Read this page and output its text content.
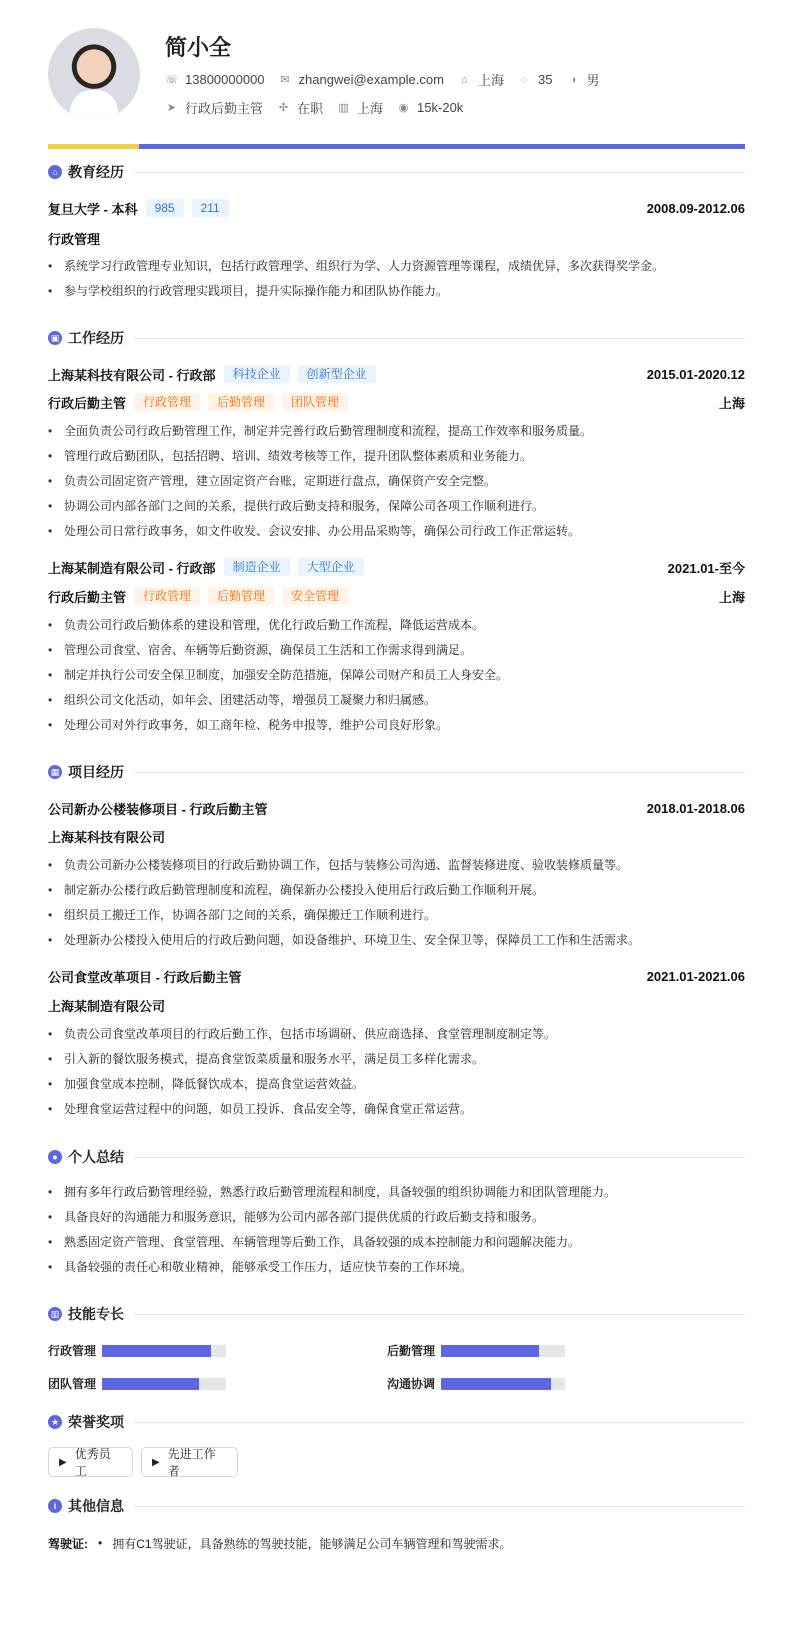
简小全
☏ 13800000000 ✉ zhangwei@example.com ⌂ 上海 ◌ 35 ◑ 男
➤ 行政后勤主管 ✣ 在职 ▥ 上海 ◉ 15k-20k
⌂ 教育经历
复旦大学 - 本科	985	211	2008.09-2012.06
行政管理
• 系统学习行政管理专业知识，包括行政管理学、组织行为学、人力资源管理等课程，成绩优异，多次获得奖学金。
• 参与学校组织的行政管理实践项目，提升实际操作能力和团队协作能力。
▣ 工作经历
上海某科技有限公司 - 行政部	科技企业	创新型企业	2015.01-2020.12
行政后勤主管	行政管理	后勤管理	团队管理	上海
• 全面负责公司行政后勤管理工作，制定并完善行政后勤管理制度和流程，提高工作效率和服务质量。
• 管理行政后勤团队，包括招聘、培训、绩效考核等工作，提升团队整体素质和业务能力。
• 负责公司固定资产管理，建立固定资产台账，定期进行盘点，确保资产安全完整。
• 协调公司内部各部门之间的关系，提供行政后勤支持和服务，保障公司各项工作顺利进行。
• 处理公司日常行政事务，如文件收发、会议安排、办公用品采购等，确保公司行政工作正常运转。
上海某制造有限公司 - 行政部	制造企业	大型企业	2021.01-至今
行政后勤主管	行政管理	后勤管理	安全管理	上海
• 负责公司行政后勤体系的建设和管理，优化行政后勤工作流程，降低运营成本。
• 管理公司食堂、宿舍、车辆等后勤资源，确保员工生活和工作需求得到满足。
• 制定并执行公司安全保卫制度，加强安全防范措施，保障公司财产和员工人身安全。
• 组织公司文化活动，如年会、团建活动等，增强员工凝聚力和归属感。
• 处理公司对外行政事务，如工商年检、税务申报等，维护公司良好形象。
▦ 项目经历
公司新办公楼装修项目 - 行政后勤主管	2018.01-2018.06
上海某科技有限公司
• 负责公司新办公楼装修项目的行政后勤协调工作，包括与装修公司沟通、监督装修进度、验收装修质量等。
• 制定新办公楼行政后勤管理制度和流程，确保新办公楼投入使用后行政后勤工作顺利开展。
• 组织员工搬迁工作，协调各部门之间的关系，确保搬迁工作顺利进行。
• 处理新办公楼投入使用后的行政后勤问题，如设备维护、环境卫生、安全保卫等，保障员工工作和生活需求。
公司食堂改革项目 - 行政后勤主管	2021.01-2021.06
上海某制造有限公司
• 负责公司食堂改革项目的行政后勤工作，包括市场调研、供应商选择、食堂管理制度制定等。
• 引入新的餐饮服务模式，提高食堂饭菜质量和服务水平，满足员工多样化需求。
• 加强食堂成本控制，降低餐饮成本，提高食堂运营效益。
• 处理食堂运营过程中的问题，如员工投诉、食品安全等，确保食堂正常运营。
● 个人总结
• 拥有多年行政后勤管理经验，熟悉行政后勤管理流程和制度，具备较强的组织协调能力和团队管理能力。
• 具备良好的沟通能力和服务意识，能够为公司内部各部门提供优质的行政后勤支持和服务。
• 熟悉固定资产管理、食堂管理、车辆管理等后勤工作，具备较强的成本控制能力和问题解决能力。
• 具备较强的责任心和敬业精神，能够承受工作压力，适应快节奏的工作环境。
▥ 技能专长
行政管理	后勤管理
团队管理	沟通协调
★ 荣誉奖项
▶
优秀员工
▶
先进工作者
i 其他信息
驾驶证: • 拥有C1驾驶证，具备熟练的驾驶技能，能够满足公司车辆管理和驾驶需求。
